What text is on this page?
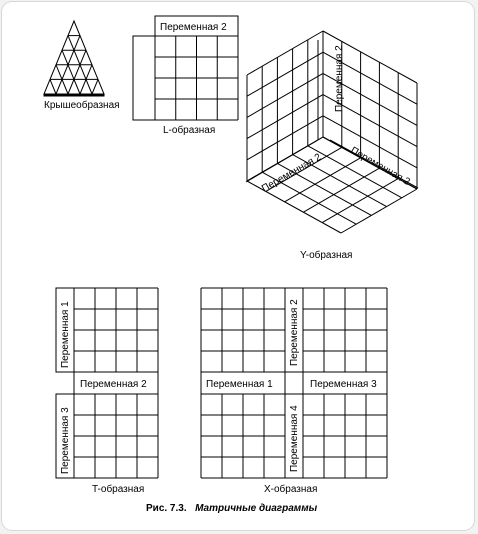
Крышеобразная
Переменная 2
L-образная
Переменная 2
Переменная 2	Переменная 2
Y-образная
Переменная 1
Переменная 2
Переменная 3
T-образная
Переменная 2
Переменная 1	Переменная 3
Переменная 4
X-образная
Рис. 7.3. Матричные диаграммы
